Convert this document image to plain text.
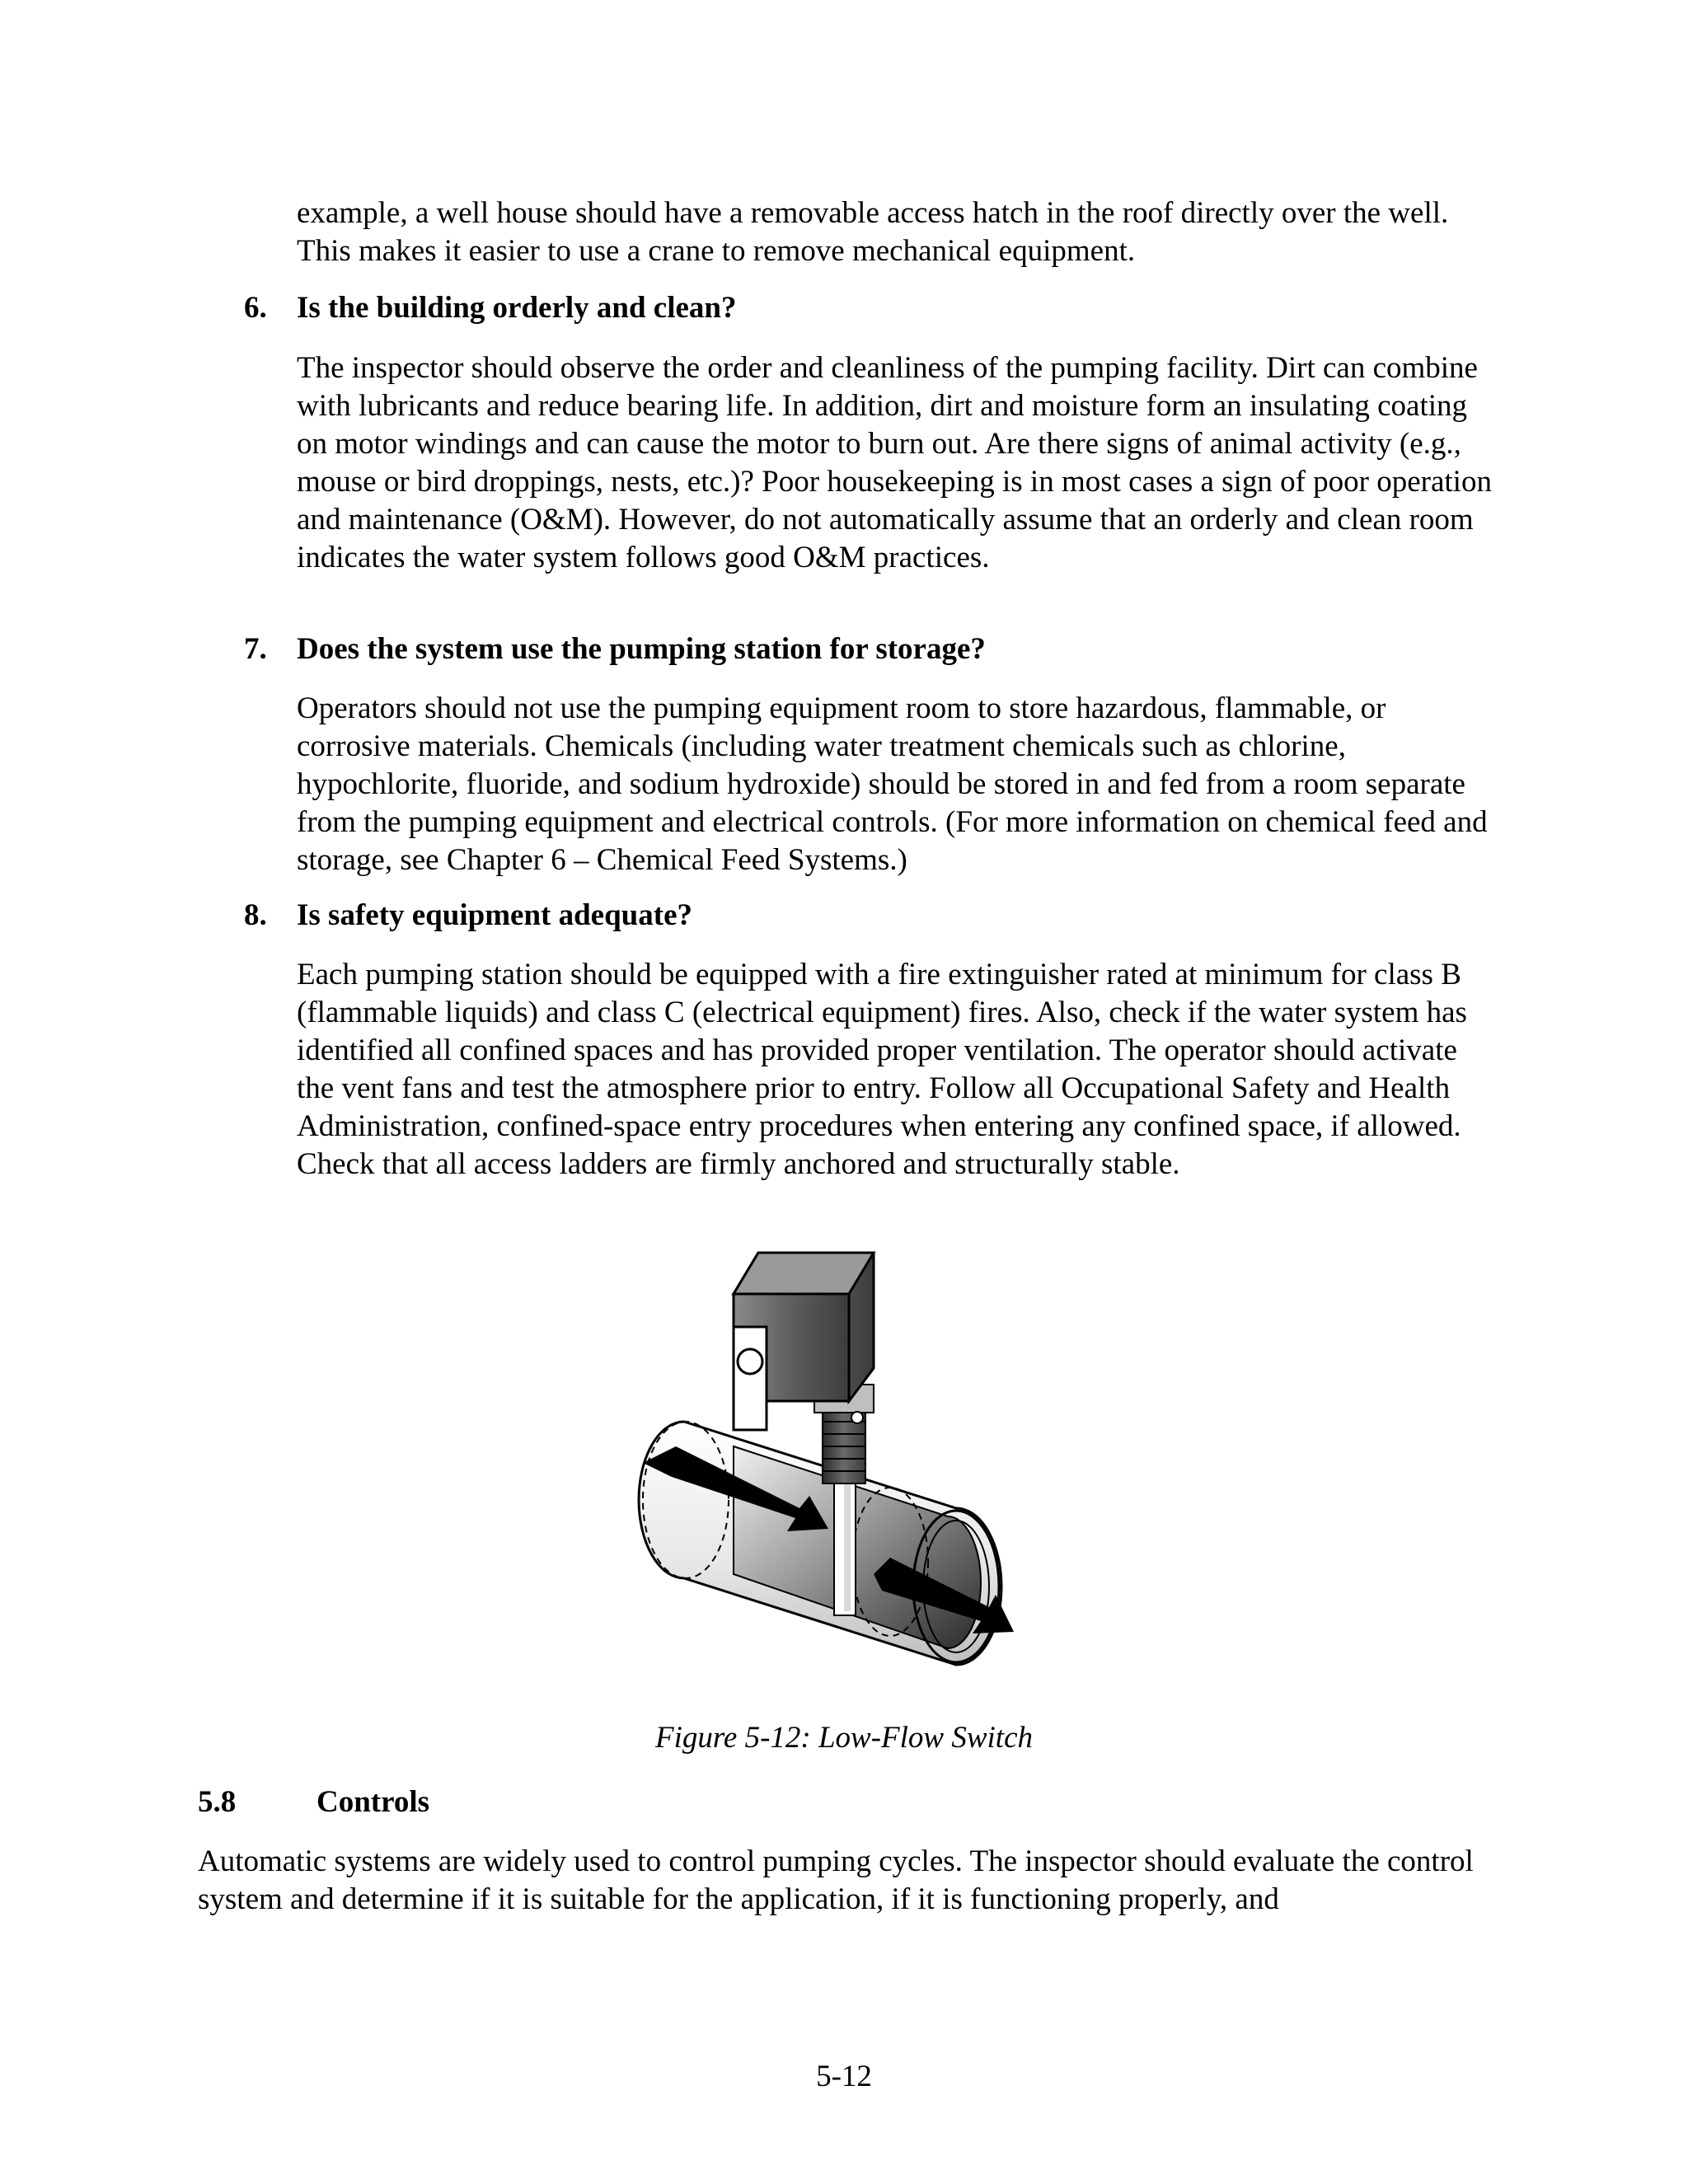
example, a well house should have a removable access hatch in the roof directly over the well. This makes it easier to use a crane to remove mechanical equipment.

6. Is the building orderly and clean?

The inspector should observe the order and cleanliness of the pumping facility. Dirt can combine with lubricants and reduce bearing life. In addition, dirt and moisture form an insulating coating on motor windings and can cause the motor to burn out. Are there signs of animal activity (e.g., mouse or bird droppings, nests, etc.)? Poor housekeeping is in most cases a sign of poor operation and maintenance (O&M). However, do not automatically assume that an orderly and clean room indicates the water system follows good O&M practices.

7. Does the system use the pumping station for storage?

Operators should not use the pumping equipment room to store hazardous, flammable, or corrosive materials. Chemicals (including water treatment chemicals such as chlorine, hypochlorite, fluoride, and sodium hydroxide) should be stored in and fed from a room separate from the pumping equipment and electrical controls. (For more information on chemical feed and storage, see Chapter 6 – Chemical Feed Systems.)

8. Is safety equipment adequate?

Each pumping station should be equipped with a fire extinguisher rated at minimum for class B (flammable liquids) and class C (electrical equipment) fires. Also, check if the water system has identified all confined spaces and has provided proper ventilation. The operator should activate the vent fans and test the atmosphere prior to entry. Follow all Occupational Safety and Health Administration, confined-space entry procedures when entering any confined space, if allowed. Check that all access ladders are firmly anchored and structurally stable.

Figure 5-12: Low-Flow Switch
5.8	Controls

Automatic systems are widely used to control pumping cycles. The inspector should evaluate the control system and determine if it is suitable for the application, if it is functioning properly, and

5-12
